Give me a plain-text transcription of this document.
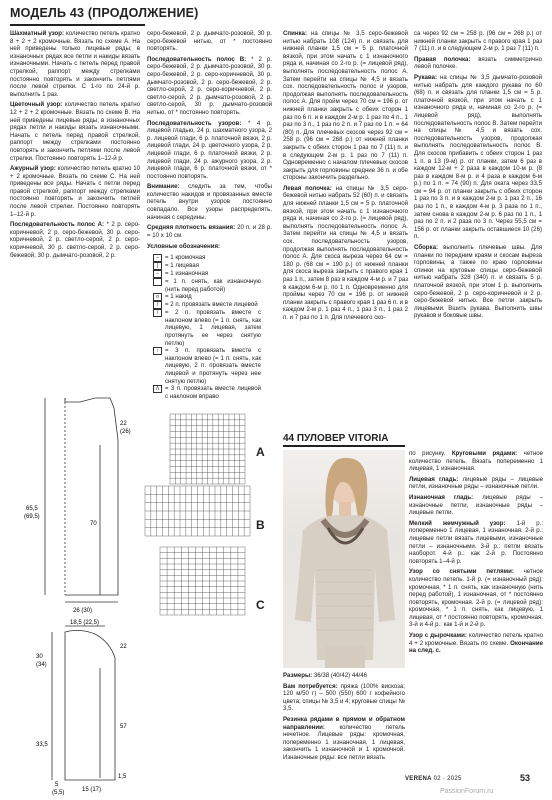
МОДЕЛЬ 43 (ПРОДОЛЖЕНИЕ)

Шахматный узор: количество петель кратно 8 + 2 + 2 кромочные. Вязать по схеме А. На ней приведены только лицевые ряды; в изнаночных рядах все петли и накиды вязать изнаночными. Начать с петель перед правой стрелкой, раппорт между стрелками постоянно повторять и закончить петлями после левой стрелки. С 1-го по 24-й р. выполнить 1 раз.

Цветочный узор: количество петель кратно 12 + 2 + 2 кромочные. Вязать по схеме В. На ней приведены лицевые ряды; в изнаночных рядах петли и накиды вязать изнаночными. Начать с петель перед правой стрелкой, раппорт между стрелками постоянно повторять и закончить петлями после левой стрелки. Постоянно повторять 1–12-й р.

Ажурный узор: количество петель кратно 10 + 2 кромочные. Вязать по схеме С. На ней приведены все ряды. Начать с петли перед правой стрелкой, раппорт между стрелками постоянно повторять и закончить петлей после левой стрелки. Постоянно повторять 1–12-й р.

Последовательность полос А: * 2 р. серо-коричневой, 2 р. серо-бежевой, 30 р. серо-коричневой, 2 р. светло-серой, 2 р. серо-коричневой, 30 р. светло-серой, 2 р. серо-бежевой, 30 р. дымчато-розовой, 2 р.

22
(26)
70
65,5
(69,5)
26 (30)
18,5 (22,5)
22
57
33,5
30
(34)
5
(5,5)	15 (17)
1,5

серо-бежевой, 2 р. дымчато-розовой, 30 р. серо-бежевой нитью, от * постоянно повторять.

Последовательность полос В: * 2 р. серо-бежевой, 2 р. дымчато-розовой, 30 р. серо-бежевой, 2 р. серо-коричневой, 30 р. дымчато-розовой, 2 р. серо-бежевой, 2 р. светло-серой, 2 р. серо-коричневой, 2 р. светло-серой, 2 р. дымчато-розовой, 2 р. светло-серой, 30 р. дымчато-розовой нитью, от * постоянно повторять.

Последовательность узоров: * 4 р. лицевой гладью, 24 р. шахматного узора, 2 р. лицевой глади, 6 р. платочной вязки, 2 р. лицевой глади, 24 р. цветочного узора, 2 р. лицевой глади, 6 р. платочной вязки, 2 р. лицевой глади, 24 р. ажурного узора, 2 р. лицевой глади, 6 р. платочной вязки, от * постоянно повторять.

Внимание: следить за тем, чтобы количество накидов и провязанных вместе петель внутри узоров постоянно совпадало. Все узоры распределять, начиная с середины.

Средняя плотность вязания: 20 п. и 28 р. = 10 х 10 см.

Условные обозначения:

–	= 1 кромочная
|	= 1 лицевая
–	= 1 изнаночная
= 1 п. снять, как изнаночную (нить перед работой)
o	= 1 накид
/	= 2 п. провязать вместе лицевой
\	= 2 п. провязать вместе с наклоном влево (= 1 п. снять, как лицевую, 1 лицевая, затем протянуть ее через снятую петлю)
↑	= 3 п. провязать вместе с наклоном влево (= 1 п. снять, как лицевую, 2 п. провязать вместе лицевой и протянуть через нее снятую петлю)
Λ = 3 п. провязать вместе лицевой с наклоном вправо
A
B
C

Спинка: на спицы № 3,5 серо-бежевой нитью набрать 108 (124) п. и связать для нижней планки 1,5 см = 5 р. платочной вязкой, при этом начать с 1 изнаночного ряда и, начиная со 2-го р. (= лицевой ряд), выполнять последовательность полос А. Затем перейти на спицы № 4,5 и вязать сох. последовательность полос и узоров, продолжая выполнять последовательность полос А. Для пройм через 70 см = 196 р. от нижней планки закрыть с обеих сторон 1 раз по 6 п. и в каждом 2-м р. 1 раз по 4 п., 1 раз по 3 п., 1 раз по 2 п. и 7 раз по 1 п. = 64 (80) п. Для плечевых скосов через 92 см = 258 р. (96 см = 268 р.) от нижней планки закрыть с обеих сторон 1 раз по 7 (11) п. и в следующем 2-м р. 1 раз по 7 (11) п. Одновременно с началом плечевых скосов закрыть для горловины средние 36 п. и обе стороны закончить раздельно.

Левая полочка: на спицы № 3,5 серо-бежевой нитью набрать 52 (60) п. и связать для нижней планки 1,5 см = 5 р. платочной вязкой, при этом начать с 1 изнаночного ряда и, начиная со 2-го р. (= лицевой ряд), выполнять последовательность полос А. Затем перейти на спицы № 4,5 и вязать сох. последовательность узоров, продолжая выполнять последовательность полос А. Для скоса выреза через 64 см = 180 р. (68 см = 190 р.) от нижней планки для скоса выреза закрыть с правого края 1 раз 1 п., затем 8 раз в каждом 4-м р. и 7 раз в каждом 6-м р. по 1 п. Одновременно для проймы через 70 см = 196 р. от нижней планки закрыть с правого края 1 раз 6 п. и в каждом 2-м р. 1 раз 4 п., 1 раз 3 п., 1 раз 2 п. и 7 раз по 1 п. Для плечевого ско-

са через 92 см = 258 р. (96 см = 268 р.) от нижней планки закрыть с правого края 1 раз 7 (11) п. и в следующем 2-м р. 1 раз 7 (11) п.

Правая полочка: вязать симметрично левой полочке.

Рукава: на спицы № 3,5 дымчато-розовой нитью набрать для каждого рукава по 60 (68) п. и связать для планки 1,5 см = 5 р. платочной вязкой, при этом начать с 1 изнаночного ряда и, начиная со 2-го р. (= лицевой ряд), выполнять последовательность полос В. Затем перейти на спицы № 4,5 и вязать сох. последовательность узоров, продолжая выполнять последовательность полос В. Для скосов прибавить с обеих сторон 1 раз 1 п. в 13 (9-м) р. от планки, затем 6 раз в каждом 12-м + 2 раза в каждом 10-м р. (8 раз в каждом 8-м р. и 4 раза в каждом 6-м р.) по 1 п. = 74 (90) п. Для оката через 33,5 см = 94 р. от планки закрыть с обеих сторон 1 раз по 3 п. и в каждом 2-м р. 1 раз 2 п., 16 раз по 1 п., в каждом 4-м р. 3 раза по 1 п., затем снова в каждом 2-м р. 6 раз по 1 п., 1 раз по 2 п. и 2 раза по 3 п. Через 55,5 см = 156 р. от планки закрыть оставшиеся 10 (26) п.

Сборка: выполнить плечевые швы. Для планки по передним краям и скосам выреза горловины, а также по краю горловины спинки на круговые спицы серо-бежевой нитью набрать 328 (340) п. и связать 5 р. платочной вязкой, при этом 1 р. выполнить серо-бежевой, 2 р. серо-коричневой и 2 р. серо-бежевой нитью. Все петли закрыть лицевыми. Вшить рукава. Выполнить швы рукавов и боковые швы.

44 ПУЛОВЕР VITORIA

Размеры: 36/38 (40/42) 44/46

Вам потребуется: пряжа (100% вискоза; 120 м/50 г) – 500 (550) 600 г кофейного цвета; спицы № 3,5 и 4; круговые спицы № 3,5.

Резинка рядами в прямом и обратном направлении: количество петель нечетное. Лицевые ряды: кромочная, попеременно 1 изнаночная, 1 лицевая, закончить 1 изнаночной и 1 кромочной. Изнаночные ряды: все петли вязать

по рисунку. Круговыми рядами: четное количество петель. Вязать попеременно 1 лицевая, 1 изнаночная.

Лицевая гладь: лицевые ряды – лицевые петли, изнаночные ряды – изнаночные петли.

Изнаночная гладь: лицевые ряды – изнаночные петли, изнаночные ряды – лицевые петли.

Мелкий жемчужный узор: 1-й р.: попеременно 1 лицевая, 1 изнаночная. 2-й р.: лицевые петли вязать лицевыми, изнаночные петли – изнаночными. 3-й р.: петли вязать наоборот. 4-й р.: как 2-й р. Постоянно повторять 1–4-й р.

Узор со снятыми петлями: четное количество петель. 1-й р. (= изнаночный ряд): кромочная, * 1 п. снять, как изнаночную (нить перед работой), 1 изнаночная, от * постоянно повторять, кромочная. 2-й р. (= лицевой ряд): кромочная, * 1 п. снять, как лицевую, 1 лицевая, от * постоянно повторять, кромочная. 3-й и 4-й р.: как 1-й и 2-й р.

Узор с дырочками: количество петель кратно 4 + 2 кромочные. Вязать по схеме. Окончание на след. с.

VERENA 02 · 2025	53
PassionForum.ru
